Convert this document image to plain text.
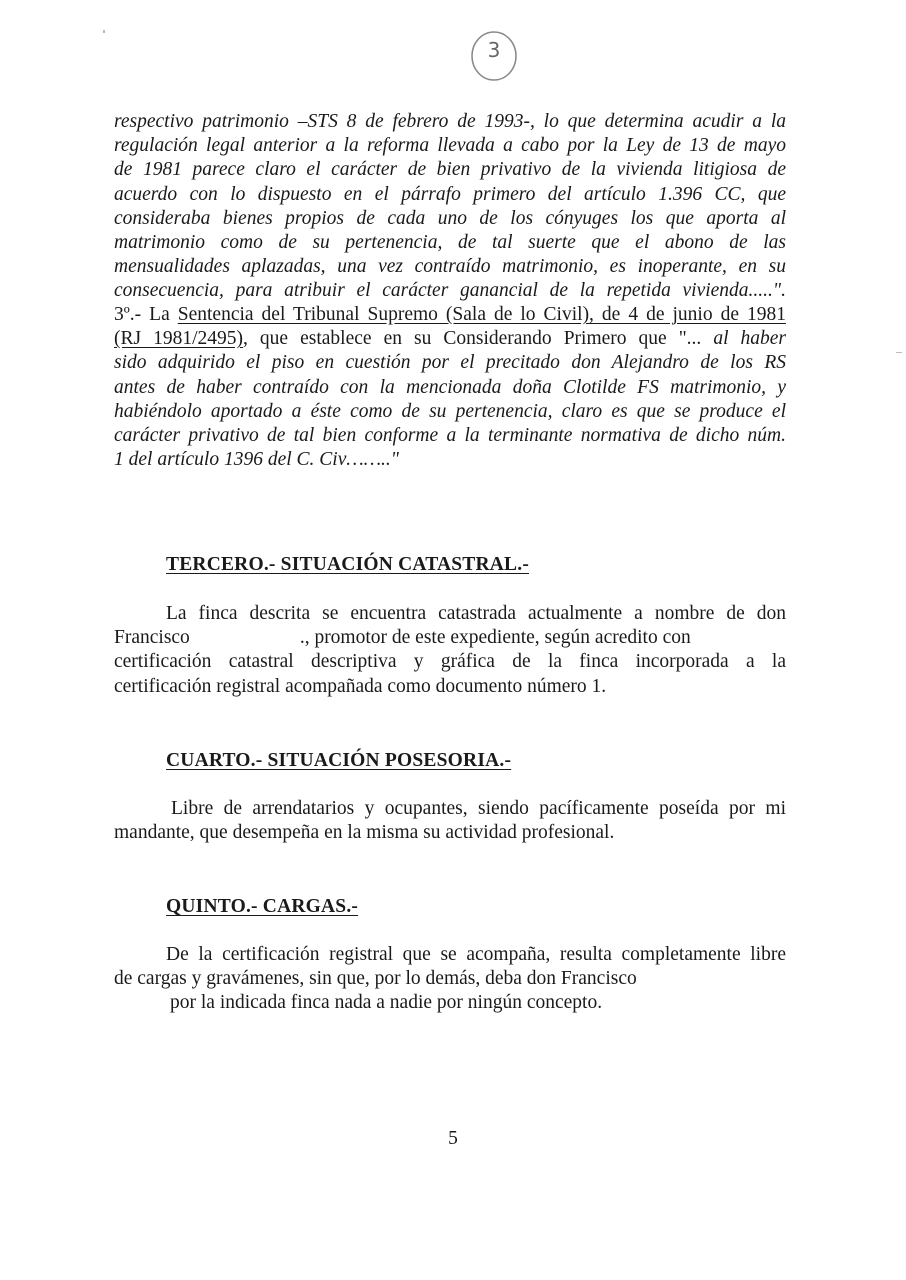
3
respectivo patrimonio –STS 8 de febrero de 1993-, lo que determina acudir a la
regulación legal anterior a la reforma llevada a cabo por la Ley de 13 de mayo
de 1981 parece claro el carácter de bien privativo de la vivienda litigiosa de
acuerdo con lo dispuesto en el párrafo primero del artículo 1.396 CC, que
consideraba bienes propios de cada uno de los cónyuges los que aporta al
matrimonio como de su pertenencia, de tal suerte que el abono de las
mensualidades aplazadas, una vez contraído matrimonio, es inoperante, en su
consecuencia, para atribuir el carácter ganancial de la repetida vivienda.....".
3º.- La Sentencia del Tribunal Supremo (Sala de lo Civil), de 4 de junio de 1981
(RJ 1981/2495), que establece en su Considerando Primero que "... al haber
sido adquirido el piso en cuestión por el precitado don Alejandro de los RS
antes de haber contraído con la mencionada doña Clotilde FS matrimonio, y
habiéndolo aportado a éste como de su pertenencia, claro es que se produce el
carácter privativo de tal bien conforme a la terminante normativa de dicho núm.
1 del artículo 1396 del C. Civ…….."
TERCERO.- SITUACIÓN CATASTRAL.-
La finca descrita se encuentra catastrada actualmente a nombre de don
Francisco	., promotor de este expediente, según acredito con
certificación catastral descriptiva y gráfica de la finca incorporada a la
certificación registral acompañada como documento número 1.
CUARTO.- SITUACIÓN POSESORIA.-
Libre de arrendatarios y ocupantes, siendo pacíficamente poseída por mi
mandante, que desempeña en la misma su actividad profesional.
QUINTO.- CARGAS.-
De la certificación registral que se acompaña, resulta completamente libre
de cargas y gravámenes, sin que, por lo demás, deba don Francisco
por la indicada finca nada a nadie por ningún concepto.
5
